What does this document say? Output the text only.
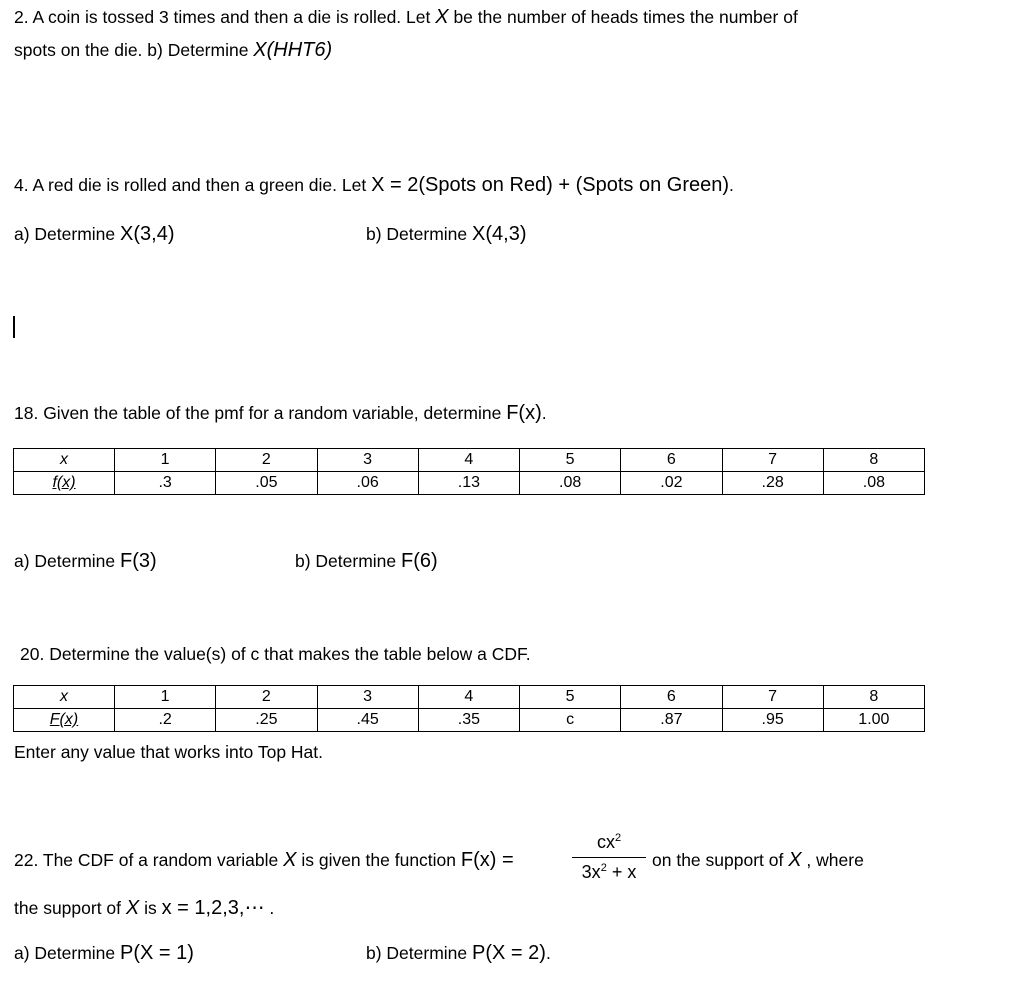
2. A coin is tossed 3 times and then a die is rolled. Let X be the number of heads times the number of
spots on the die. b) Determine X(HHT6)
4. A red die is rolled and then a green die. Let X = 2(Spots on Red) + (Spots on Green).
a) Determine X(3,4)	b) Determine X(4,3)
18. Given the table of the pmf for a random variable, determine F(x).
x	1	2	3	4	5	6	7	8
f(x)	.3	.05	.06	.13	.08	.02	.28	.08
a) Determine F(3)	b) Determine F(6)
20. Determine the value(s) of c that makes the table below a CDF.
x	1	2	3	4	5	6	7	8
F(x)	.2	.25	.45	.35	c	.87	.95	1.00
Enter any value that works into Top Hat.
22. The CDF of a random variable X is given the function F(x) =
$cx^2$
$3x^2 + x$
on the support of X , where
the support of X is x = 1,2,3,⋯ .
a) Determine P(X = 1)	b) Determine P(X = 2).
